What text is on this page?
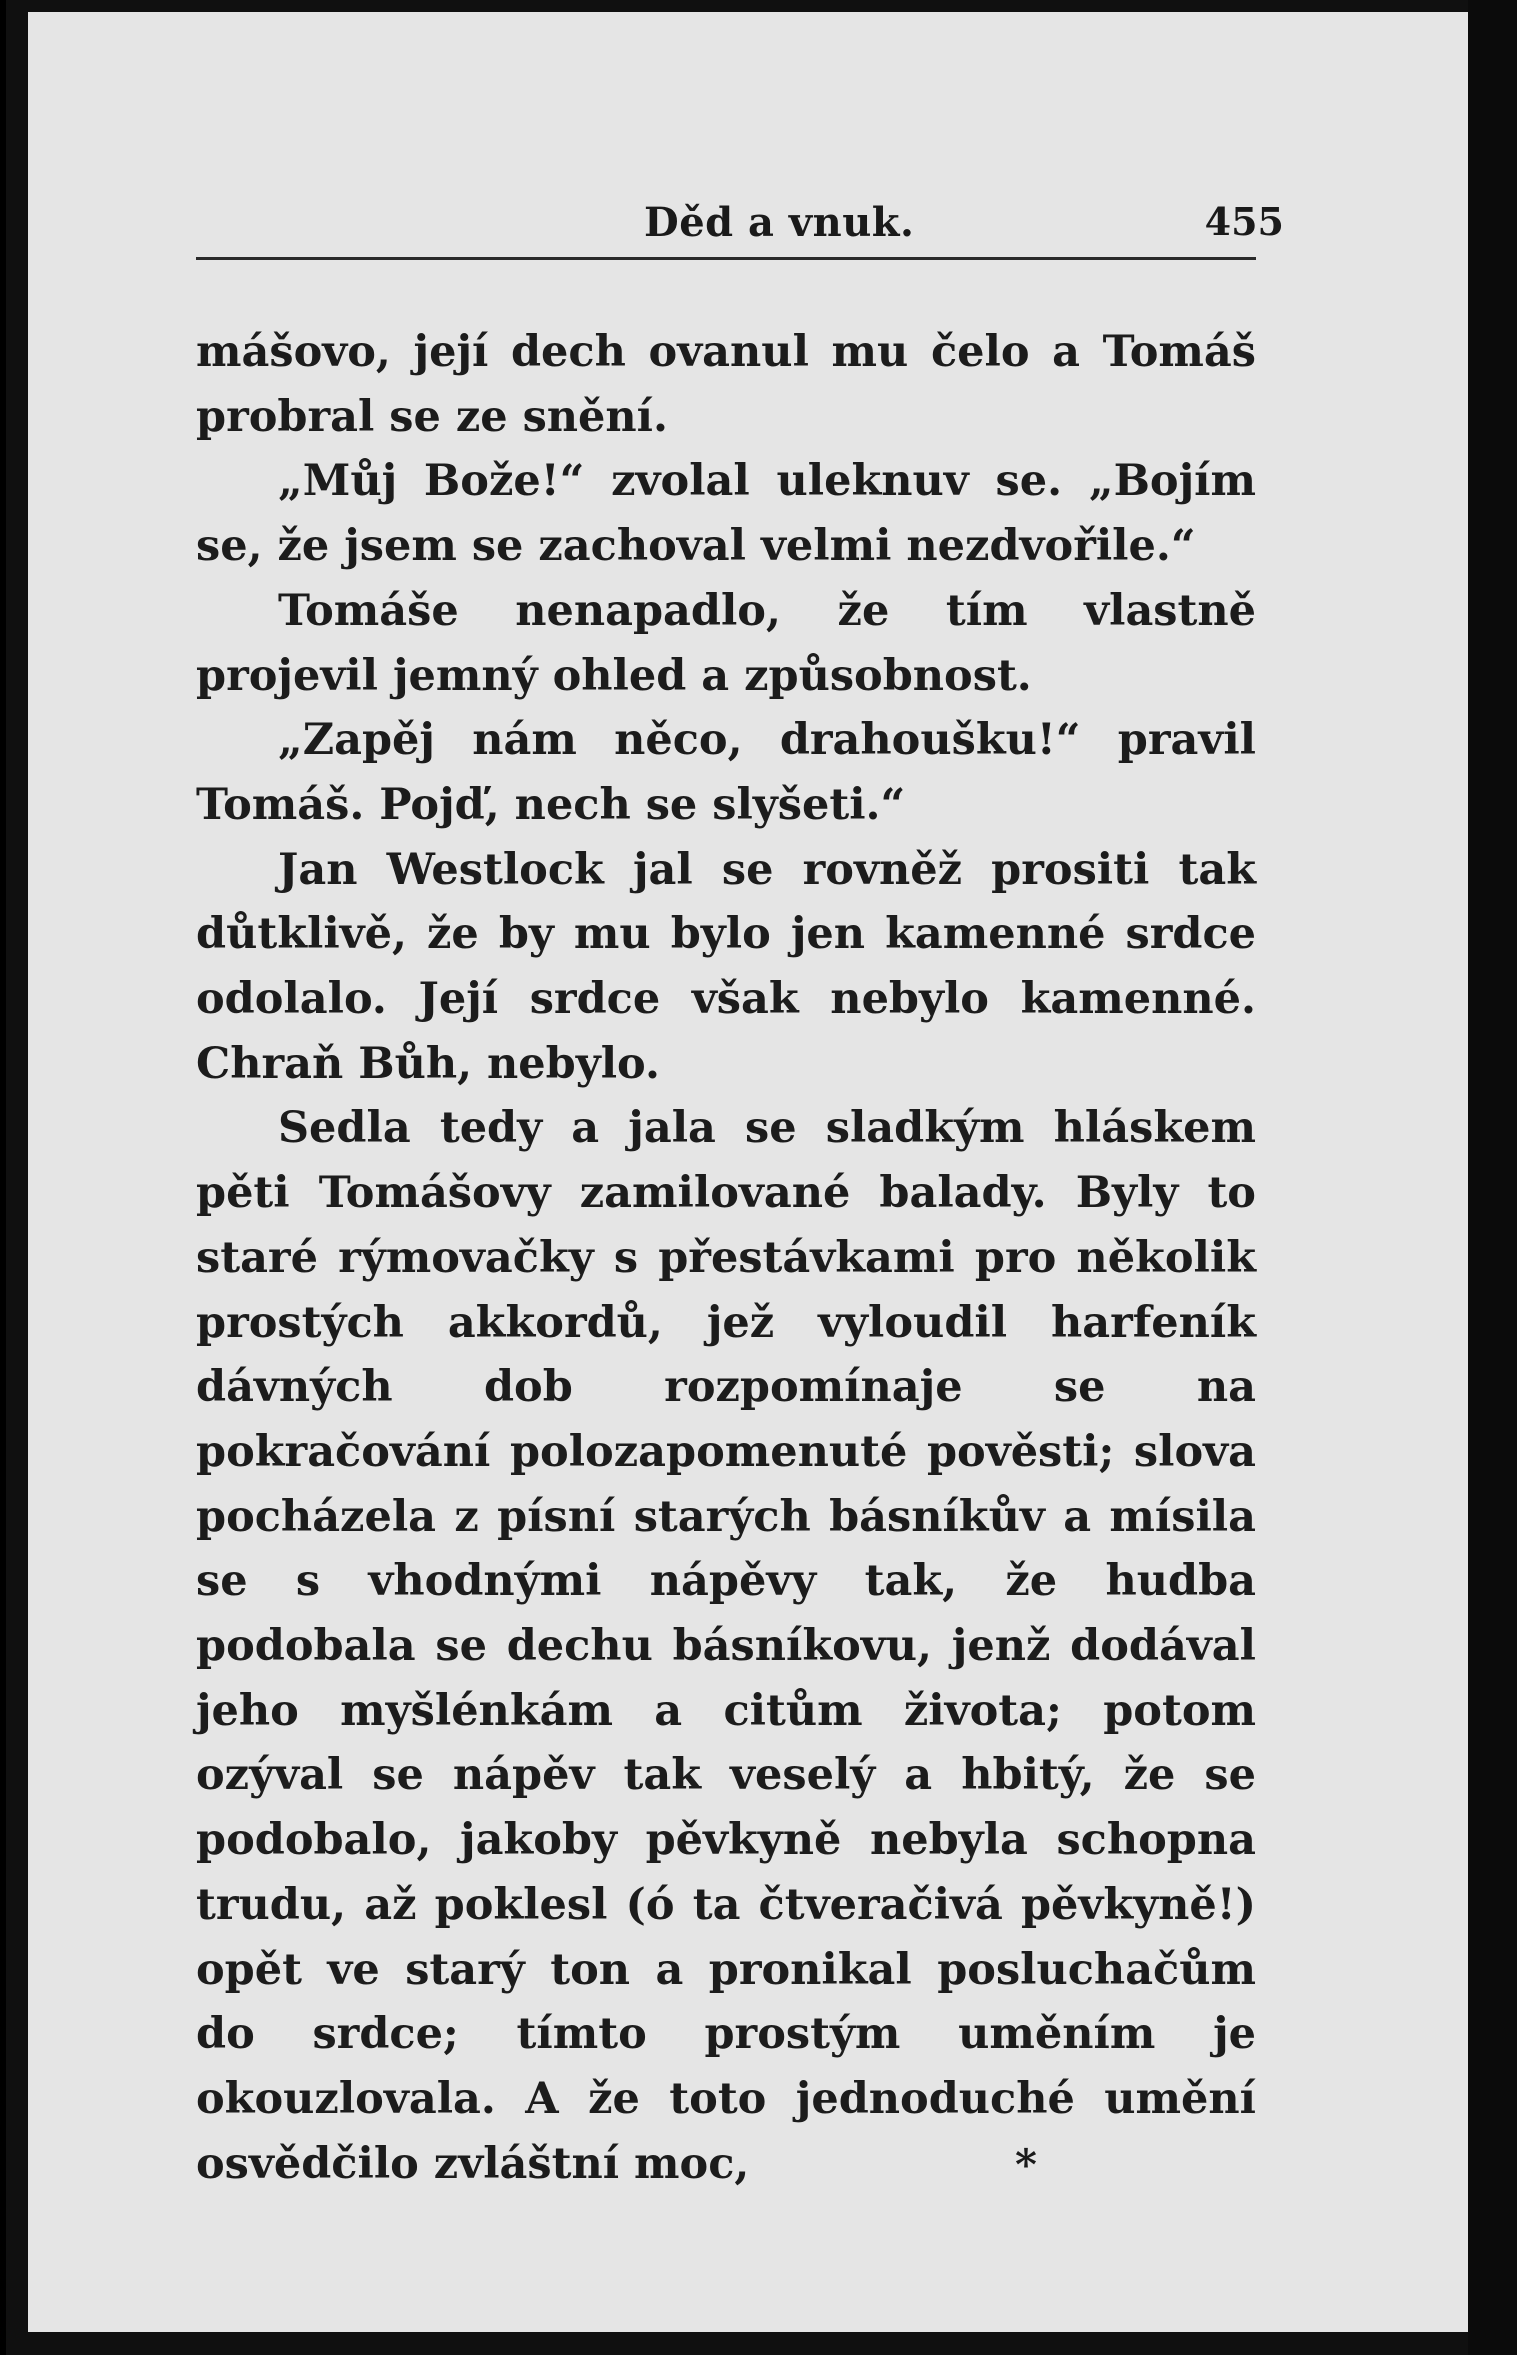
Děd a vnuk.	455

mášovo, její dech ovanul mu čelo a Tomáš probral se ze snění.

„Můj Bože!“ zvolal uleknuv se. „Bojím se, že jsem se zachoval velmi nezdvořile.“

Tomáše nenapadlo, že tím vlastně projevil jemný ohled a způsobnost.

„Zapěj nám něco, drahoušku!“ pravil Tomáš. Pojď, nech se slyšeti.“

Jan Westlock jal se rovněž prositi tak důtklivě, že by mu bylo jen kamenné srdce odolalo. Její srdce však nebylo kamenné. Chraň Bůh, nebylo.

Sedla tedy a jala se sladkým hláskem pěti Tomášovy zamilované balady. Byly to staré rýmovačky s přestávkami pro několik prostých akkordů, jež vyloudil harfeník dávných dob rozpomínaje se na pokračování polozapomenuté pověsti; slova pocházela z písní starých básníkův a mísila se s vhodnými nápěvy tak, že hudba podobala se dechu básníkovu, jenž dodával jeho myšlénkám a citům života; potom ozýval se nápěv tak veselý a hbitý, že se podobalo, jakoby pěvkyně nebyla schopna trudu, až poklesl (ó ta čtveračivá pěvkyně!) opět ve starý ton a pronikal posluchačům do srdce; tímto prostým uměním je okouzlovala. A že toto jednoduché umění osvědčilo zvláštní moc,	*
